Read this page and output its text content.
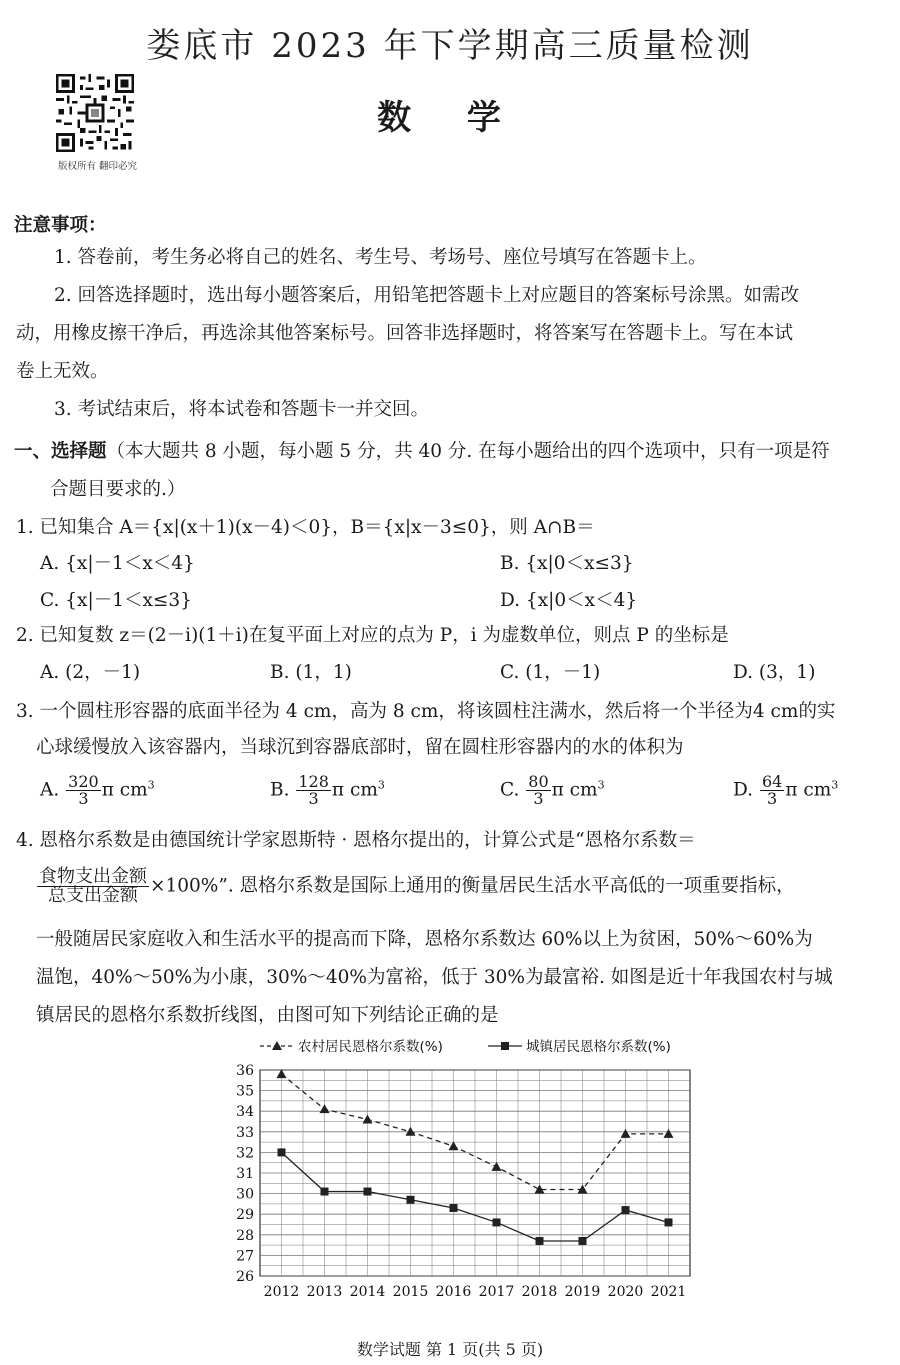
娄底市 2023 年下学期高三质量检测
版权所有 翻印必究
数 学
注意事项：
1. 答卷前，考生务必将自己的姓名、考生号、考场号、座位号填写在答题卡上。
2. 回答选择题时，选出每小题答案后，用铅笔把答题卡上对应题目的答案标号涂黑。如需改
动，用橡皮擦干净后，再选涂其他答案标号。回答非选择题时，将答案写在答题卡上。写在本试
卷上无效。
3. 考试结束后，将本试卷和答题卡一并交回。
一、选择题（本大题共 8 小题，每小题 5 分，共 40 分. 在每小题给出的四个选项中，只有一项是符
合题目要求的.）
1. 已知集合 A＝{x|(x＋1)(x－4)＜0}，B＝{x|x－3≤0}，则 A∩B＝
A. {x|－1＜x＜4}	B. {x|0＜x≤3}
C. {x|－1＜x≤3}	D. {x|0＜x＜4}
2. 已知复数 z＝(2－i)(1＋i)在复平面上对应的点为 P，i 为虚数单位，则点 P 的坐标是
A. (2，－1)	B. (1，1)	C. (1，－1)	D. (3，1)
3. 一个圆柱形容器的底面半径为 4 cm，高为 8 cm，将该圆柱注满水，然后将一个半径为4 cm的实
心球缓慢放入该容器内，当球沉到容器底部时，留在圆柱形容器内的水的体积为
A. $\frac{320}{3}$ π $cm^3$	B. $\frac{128}{3}$ π $cm^3$	C. $\frac{80}{3}$ π $cm^3$	D. $\frac{64}{3}$ π $cm^3$
4. 恩格尔系数是由德国统计学家恩斯特 · 恩格尔提出的，计算公式是“恩格尔系数＝
$\frac{\text{食物支出金额}}{\text{总支出金额}} \times 100\%$”. 恩格尔系数是国际上通用的衡量居民生活水平高低的一项重要指标，
一般随居民家庭收入和生活水平的提高而下降，恩格尔系数达 60%以上为贫困，50%～60%为
温饱，40%～50%为小康，30%～40%为富裕，低于 30%为最富裕. 如图是近十年我国农村与城
镇居民的恩格尔系数折线图，由图可知下列结论正确的是
26
27
28
29
30
31
32
33
34
35
36
2012 2013 2014 2015 2016 2017 2018 2019 2020 2021
农村居民恩格尔系数(%)	城镇居民恩格尔系数(%)
数学试题 第 1 页(共 5 页)
